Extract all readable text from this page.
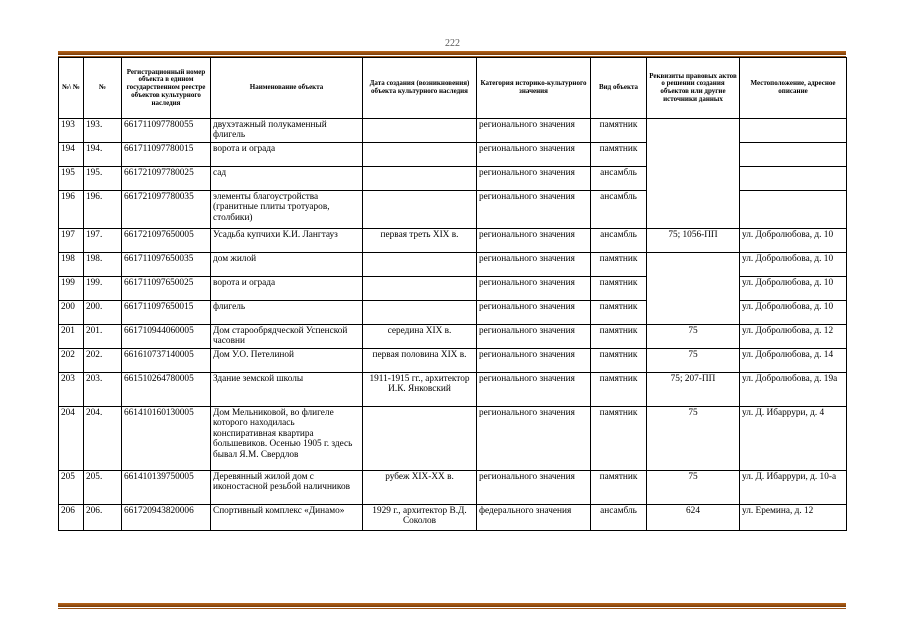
222
№\ №	№	Регистрационный номер объекта в едином государственном реестре объектов культурного наследия	Наименование объекта	Дата создания (возникновения) объекта культурного наследия	Категория историко-культурного значения	Вид объекта	Реквизиты правовых актов о решении создания объектов или другие источники данных	Местоположение, адресное описание
193	193.	661711097780055	двухэтажный полукаменный флигель		регионального значения	памятник		
194	194.	661711097780015	ворота и ограда		регионального значения	памятник		
195	195.	661721097780025	сад		регионального значения	ансамбль		
196	196.	661721097780035	элементы благоустройства (гранитные плиты тротуаров, столбики)		регионального значения	ансамбль		
197	197.	661721097650005	Усадьба купчихи К.И. Лангтауз	первая треть XIX в.	регионального значения	ансамбль	75; 1056-ПП	ул. Добролюбова, д. 10
198	198.	661711097650035	дом жилой		регионального значения	памятник		ул. Добролюбова, д. 10
199	199.	661711097650025	ворота и ограда		регионального значения	памятник		ул. Добролюбова, д. 10
200	200.	661711097650015	флигель		регионального значения	памятник		ул. Добролюбова, д. 10
201	201.	661710944060005	Дом старообрядческой Успенской часовни	середина XIX в.	регионального значения	памятник	75	ул. Добролюбова, д. 12
202	202.	661610737140005	Дом У.О. Петелиной	первая половина XIX в.	регионального значения	памятник	75	ул. Добролюбова, д. 14
203	203.	661510264780005	Здание земской школы	1911-1915 гг., архитектор И.К. Янковский	регионального значения	памятник	75; 207-ПП	ул. Добролюбова, д. 19а
204	204.	661410160130005	Дом Мельниковой, во флигеле которого находилась конспиративная квартира большевиков. Осенью 1905 г. здесь бывал Я.М. Свердлов		регионального значения	памятник	75	ул. Д. Ибаррури, д. 4
205	205.	661410139750005	Деревянный жилой дом с иконостасной резьбой наличников	рубеж XIX-XX в.	регионального значения	памятник	75	ул. Д. Ибаррури, д. 10-а
206	206.	661720943820006	Спортивный комплекс «Динамо»	1929 г., архитектор В.Д. Соколов	федерального значения	ансамбль	624	ул. Еремина, д. 12
